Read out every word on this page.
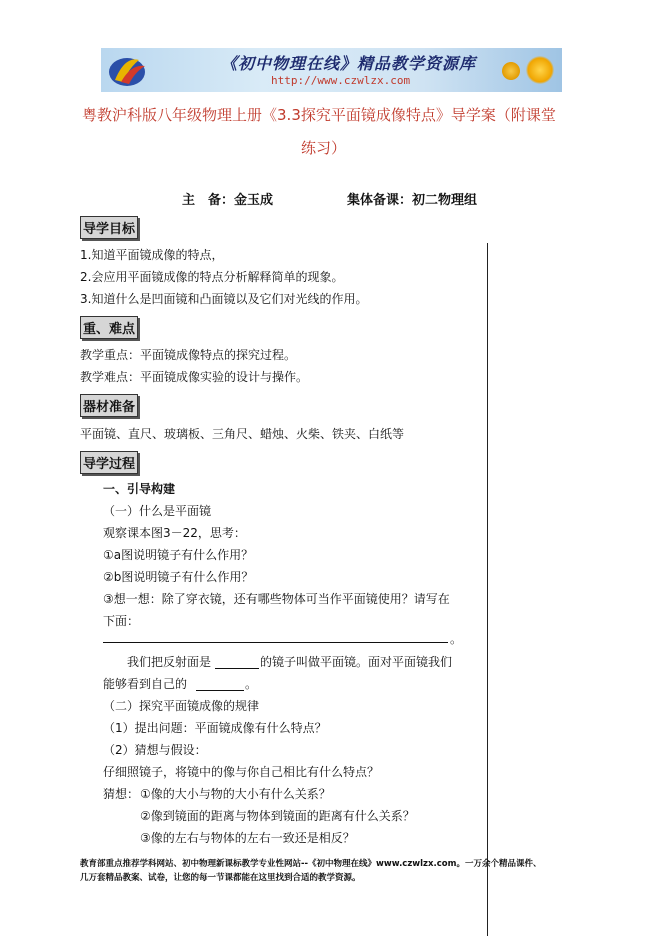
《初中物理在线》精品教学资源库
http://www.czwlzx.com
粤教沪科版八年级物理上册《3.3探究平面镜成像特点》导学案（附课堂
练习）
主　备：金玉成	集体备课：初二物理组
导学目标
1.知道平面镜成像的特点，
2.会应用平面镜成像的特点分析解释简单的现象。
3.知道什么是凹面镜和凸面镜以及它们对光线的作用。
重、难点
教学重点：平面镜成像特点的探究过程。
教学难点：平面镜成像实验的设计与操作。
器材准备
平面镜、直尺、玻璃板、三角尺、蜡烛、火柴、铁夹、白纸等
导学过程
一、引导构建
（一）什么是平面镜
观察课本图3－22，思考：
①a图说明镜子有什么作用？
②b图说明镜子有什么作用？
③想一想：除了穿衣镜，还有哪些物体可当作平面镜使用？请写在
下面：
。
我们把反射面是	的镜子叫做平面镜。面对平面镜我们
能够看到自己的	。
（二）探究平面镜成像的规律
（1）提出问题：平面镜成像有什么特点？
（2）猜想与假设：
仔细照镜子，将镜中的像与你自己相比有什么特点？
猜想： ①像的大小与物的大小有什么关系？
②像到镜面的距离与物体到镜面的距离有什么关系？
③像的左右与物体的左右一致还是相反？
教育部重点推荐学科网站、初中物理新课标教学专业性网站--《初中物理在线》www.czwlzx.com。一万余个精品课件、
几万套精品教案、试卷，让您的每一节课都能在这里找到合适的教学资源。
